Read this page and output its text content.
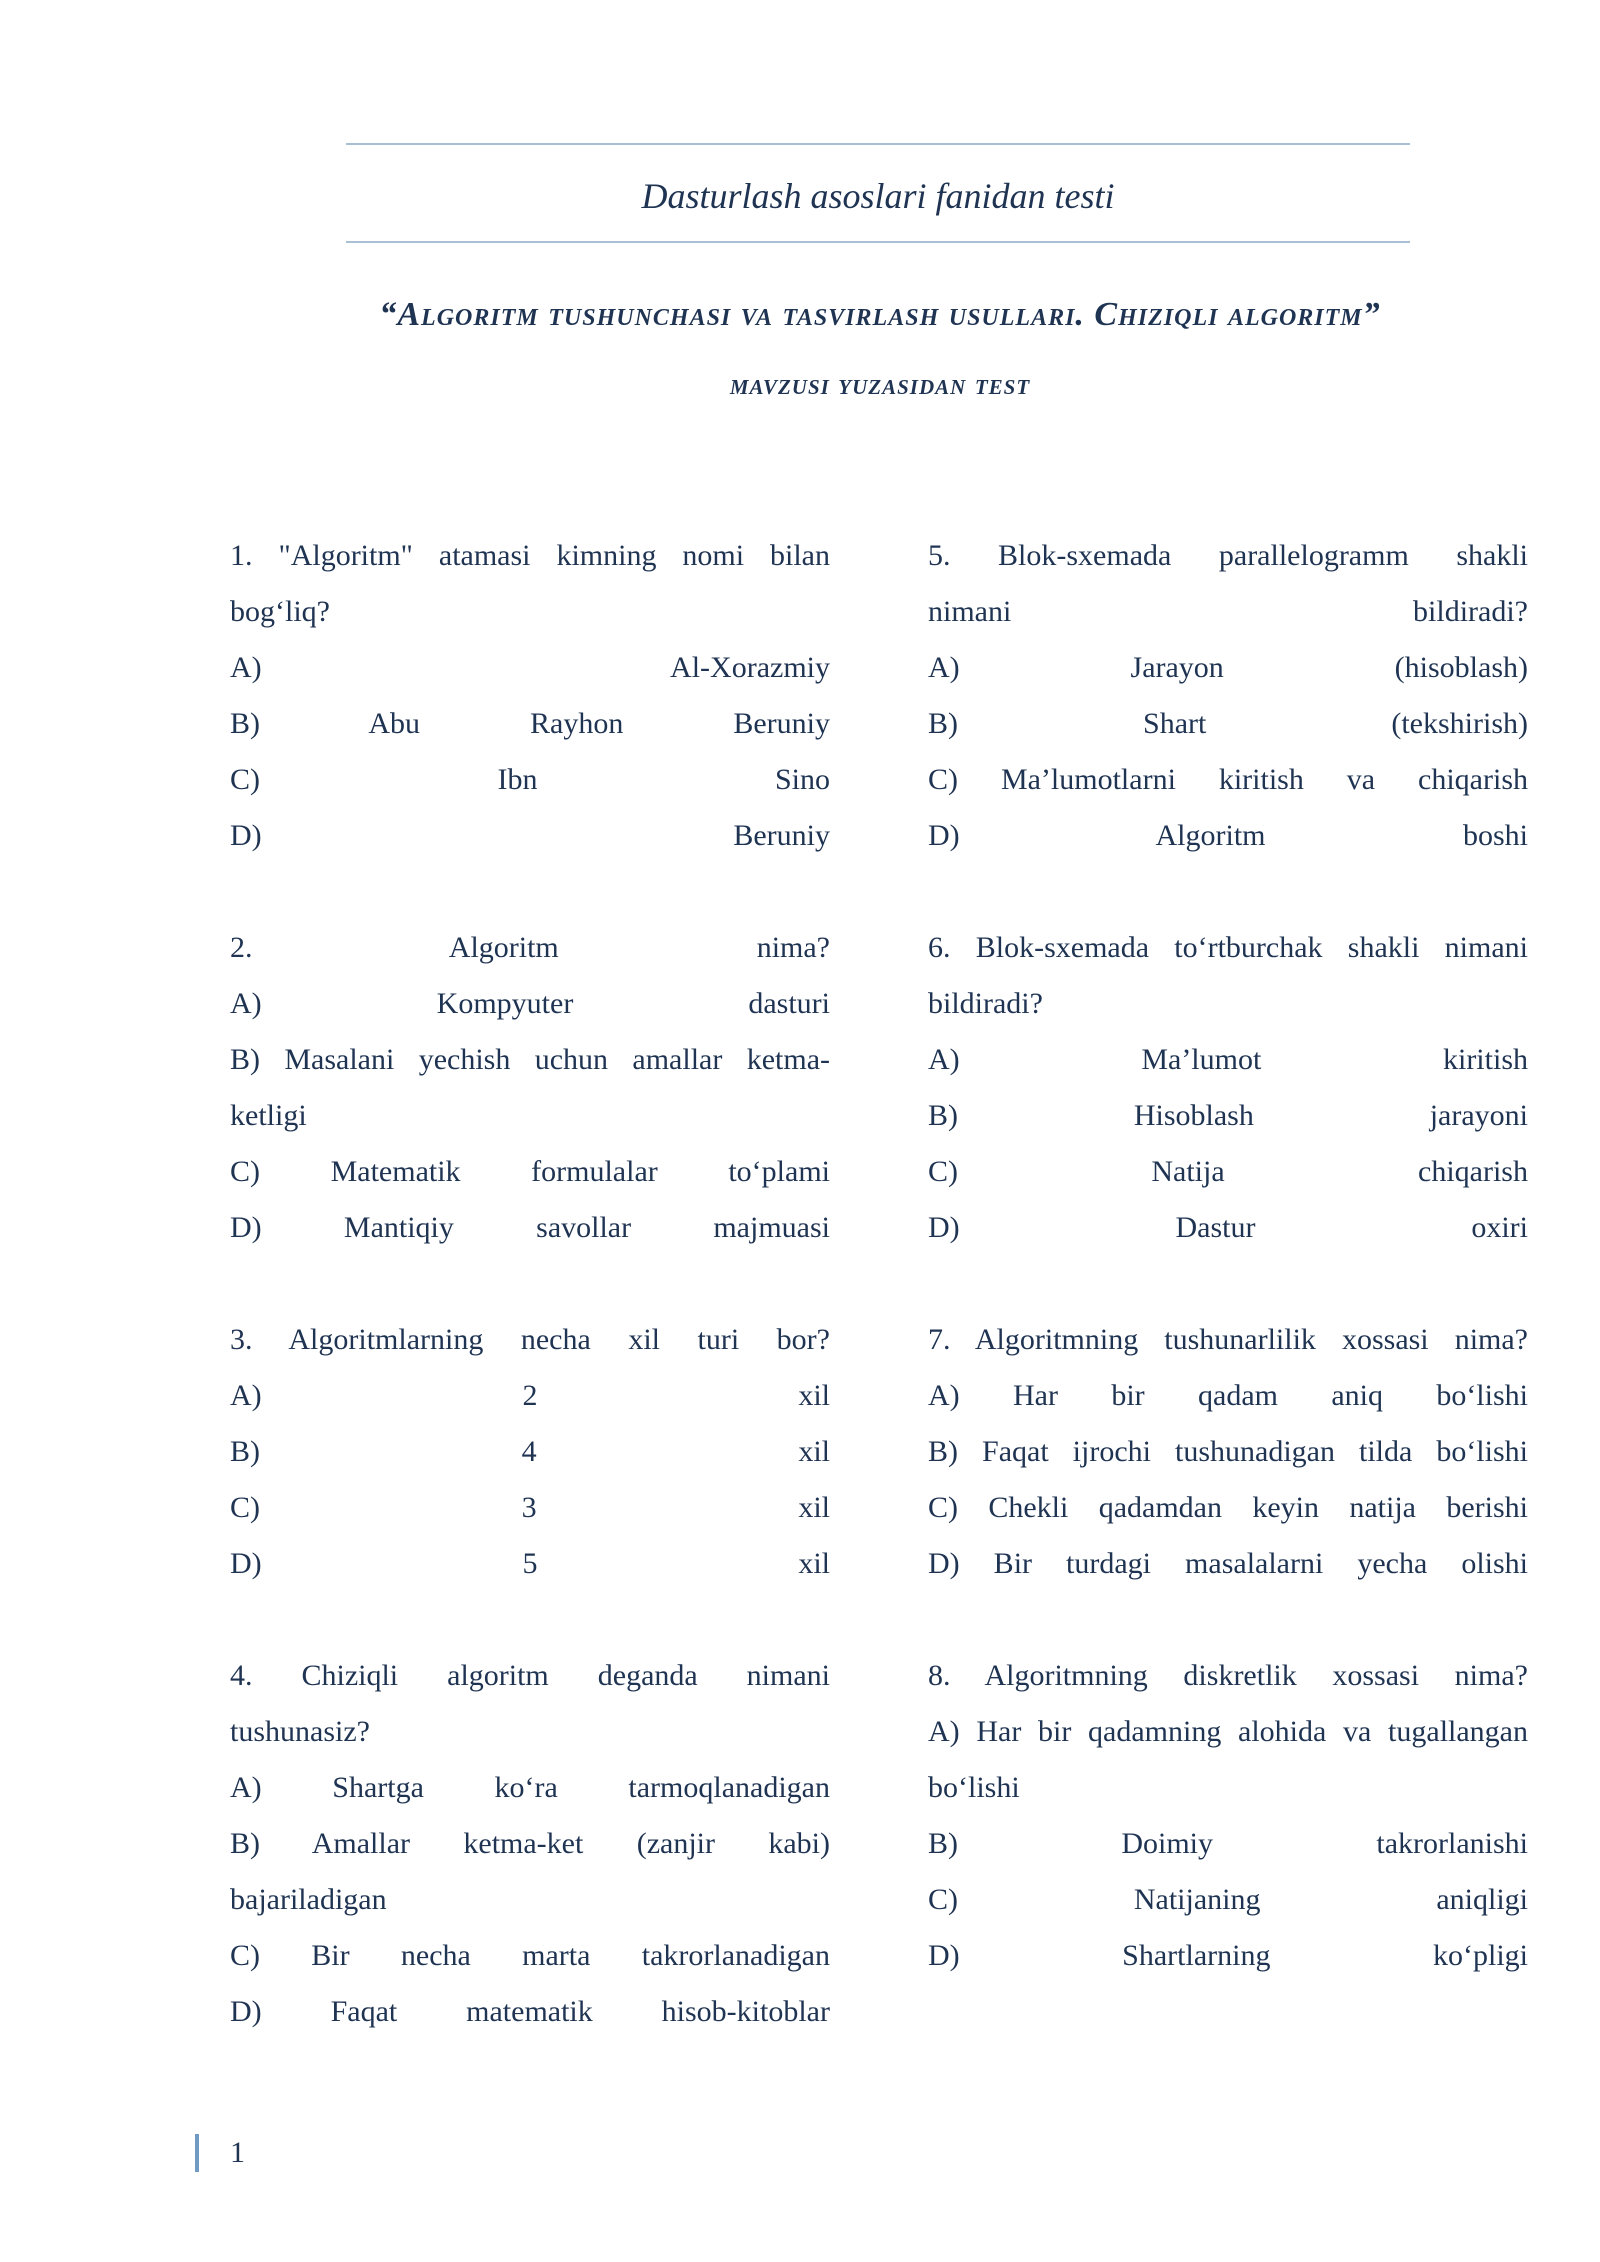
Dasturlash asoslari fanidan testi
“Algoritm tushunchasi va tasvirlash usullari. Chiziqli algoritm”
mavzusi yuzasidan test
1. "Algoritm" atamasi kimning nomi bilan
bog‘liq?
A) Al-Xorazmiy
B) Abu Rayhon Beruniy
C) Ibn Sino
D) Beruniy
2. Algoritm nima?
A) Kompyuter dasturi
B) Masalani yechish uchun amallar ketma-
ketligi
C) Matematik formulalar to‘plami
D) Mantiqiy savollar majmuasi
3. Algoritmlarning necha xil turi bor?
A) 2 xil
B) 4 xil
C) 3 xil
D) 5 xil
4. Chiziqli algoritm deganda nimani
tushunasiz?
A) Shartga ko‘ra tarmoqlanadigan
B) Amallar ketma-ket (zanjir kabi)
bajariladigan
C) Bir necha marta takrorlanadigan
D) Faqat matematik hisob-kitoblar
5. Blok-sxemada parallelogramm shakli
nimani bildiradi?
A) Jarayon (hisoblash)
B) Shart (tekshirish)
C) Ma’lumotlarni kiritish va chiqarish
D) Algoritm boshi
6. Blok-sxemada to‘rtburchak shakli nimani
bildiradi?
A) Ma’lumot kiritish
B) Hisoblash jarayoni
C) Natija chiqarish
D) Dastur oxiri
7. Algoritmning tushunarlilik xossasi nima?
A) Har bir qadam aniq bo‘lishi
B) Faqat ijrochi tushunadigan tilda bo‘lishi
C) Chekli qadamdan keyin natija berishi
D) Bir turdagi masalalarni yecha olishi
8. Algoritmning diskretlik xossasi nima?
A) Har bir qadamning alohida va tugallangan
bo‘lishi
B) Doimiy takrorlanishi
C) Natijaning aniqligi
D) Shartlarning ko‘pligi
1
